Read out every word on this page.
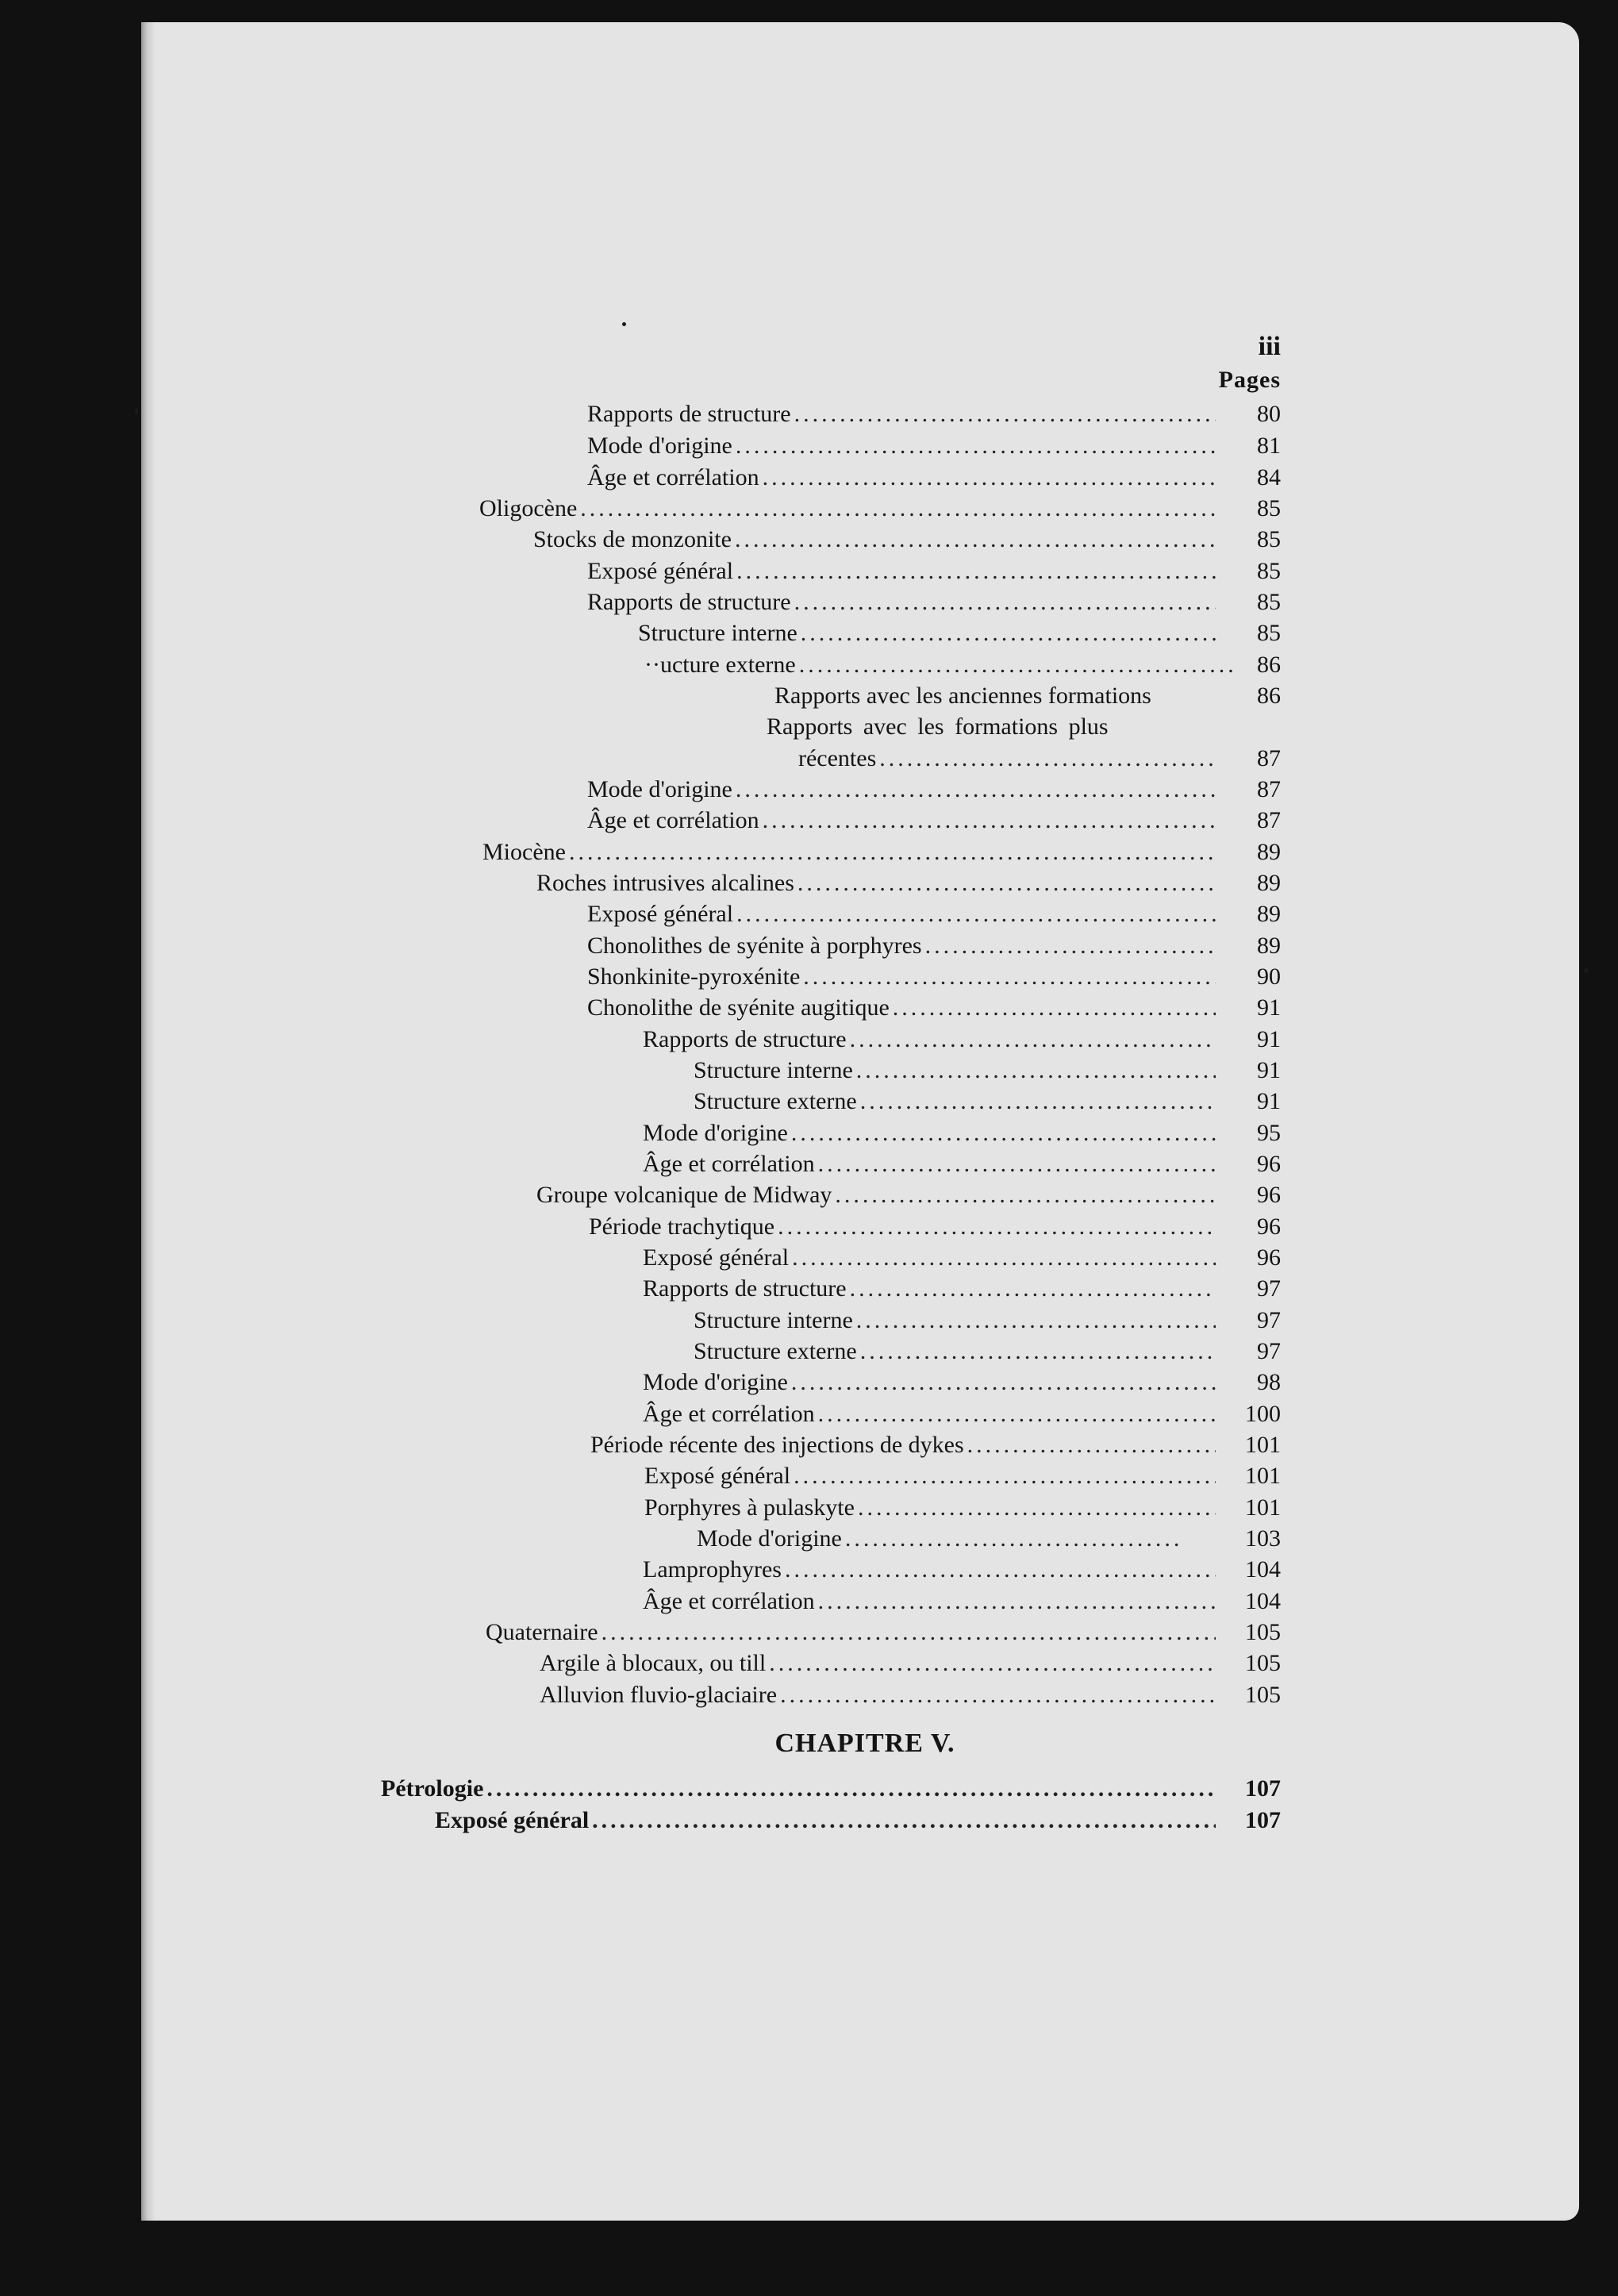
iii
Pages
Rapports de structure .....	80
Mode d'origine .....	81
Âge et corrélation .....	84
Oligocène .....	85
Stocks de monzonite .....	85
Exposé général .....	85
Rapports de structure .....	85
Structure interne .....	85
··ucture externe .....	86
Rapports avec les anciennes formations	86
Rapports avec les formations plus
récentes .....	87
Mode d'origine .....	87
Âge et corrélation .....	87
Miocène .....	89
Roches intrusives alcalines .....	89
Exposé général .....	89
Chonolithes de syénite à porphyres .....	89
Shonkinite-pyroxénite .....	90
Chonolithe de syénite augitique .....	91
Rapports de structure .....	91
Structure interne .....	91
Structure externe .....	91
Mode d'origine .....	95
Âge et corrélation .....	96
Groupe volcanique de Midway .....	96
Période trachytique .....	96
Exposé général .....	96
Rapports de structure .....	97
Structure interne .....	97
Structure externe .....	97
Mode d'origine .....	98
Âge et corrélation .....	100
Période récente des injections de dykes .....	101
Exposé général .....	101
Porphyres à pulaskyte .....	101
Mode d'origine .....	103
Lamprophyres .....	104
Âge et corrélation .....	104
Quaternaire .....	105
Argile à blocaux, ou till .....	105
Alluvion fluvio-glaciaire .....	105
CHAPITRE V.
Pétrologie .....	107
Exposé général .....	107
